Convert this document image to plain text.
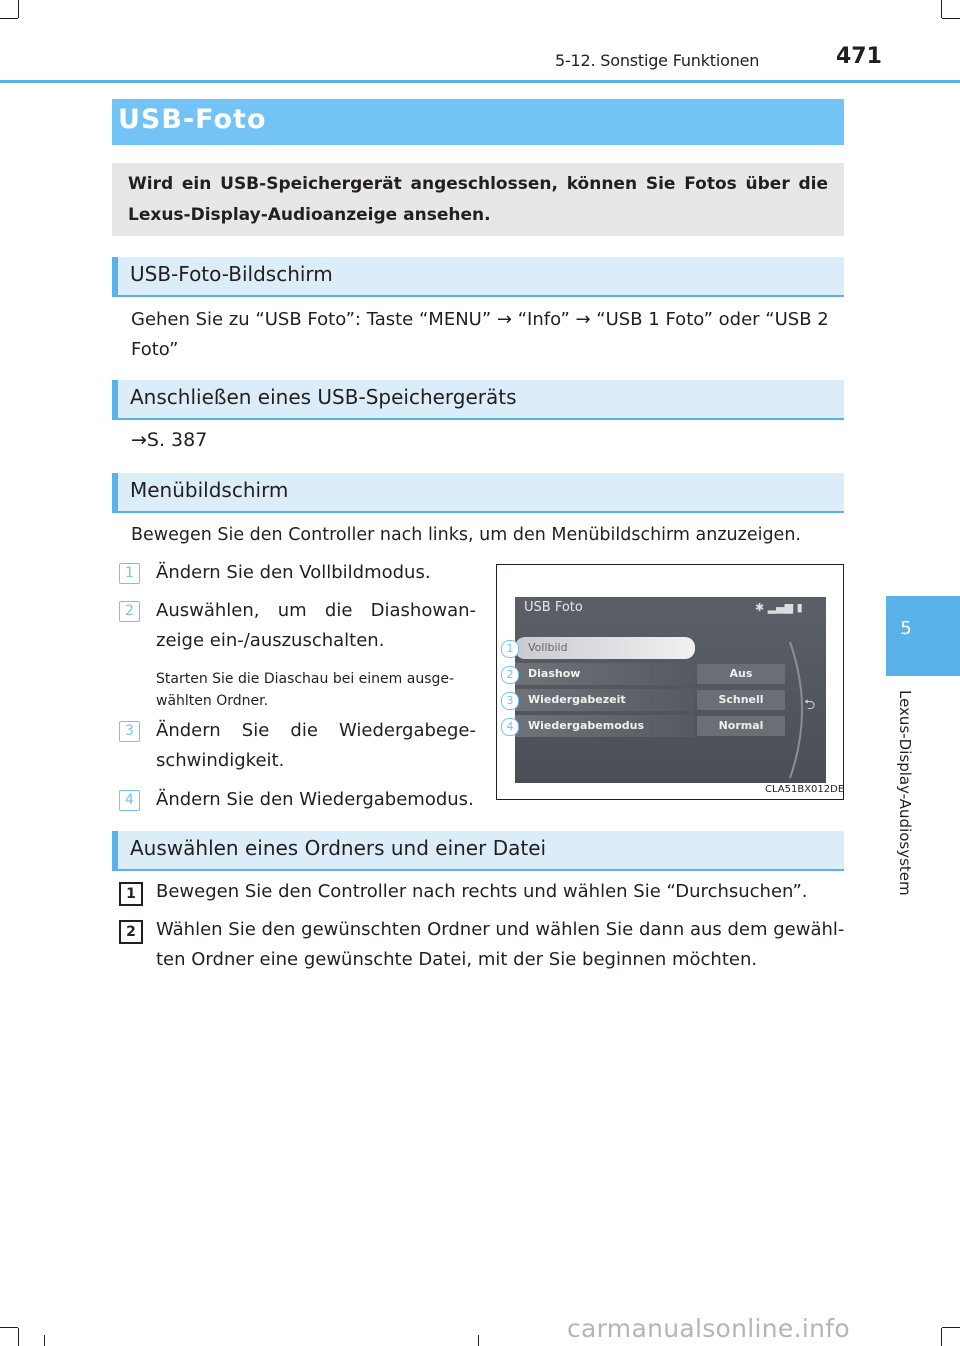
5-12. Sonstige Funktionen	471
5
Lexus-Display-Audiosystem
USB-Foto
Wird ein USB-Speichergerät angeschlossen, können Sie Fotos über die Lexus-Display-Audioanzeige ansehen.
USB-Foto-Bildschirm
Gehen Sie zu “USB Foto”: Taste “MENU” → “Info” → “USB 1 Foto” oder “USB 2 Foto”
Anschließen eines USB-Speichergeräts
→S. 387
Menübildschirm
Bewegen Sie den Controller nach links, um den Menübildschirm anzuzeigen.
1	Ändern Sie den Vollbildmodus.
2	Auswählen, um die Diashowan-
zeige ein-/auszuschalten.
Starten Sie die Diaschau bei einem ausge-
wählten Ordner.
3	Ändern Sie die Wiedergabege-
schwindigkeit.
4	Ändern Sie den Wiedergabemodus.
USB Foto	✱ ▂▄▆ ▮
Vollbild
Diashow	Aus
Wiedergabezeit	Schnell
Wiedergabemodus	Normal
⮌
1
2
3
4
CLA51BX012DE
Auswählen eines Ordners und einer Datei
1	Bewegen Sie den Controller nach rechts und wählen Sie “Durchsuchen”.
2	Wählen Sie den gewünschten Ordner und wählen Sie dann aus dem gewähl-
ten Ordner eine gewünschte Datei, mit der Sie beginnen möchten.
carmanualsonline.info
